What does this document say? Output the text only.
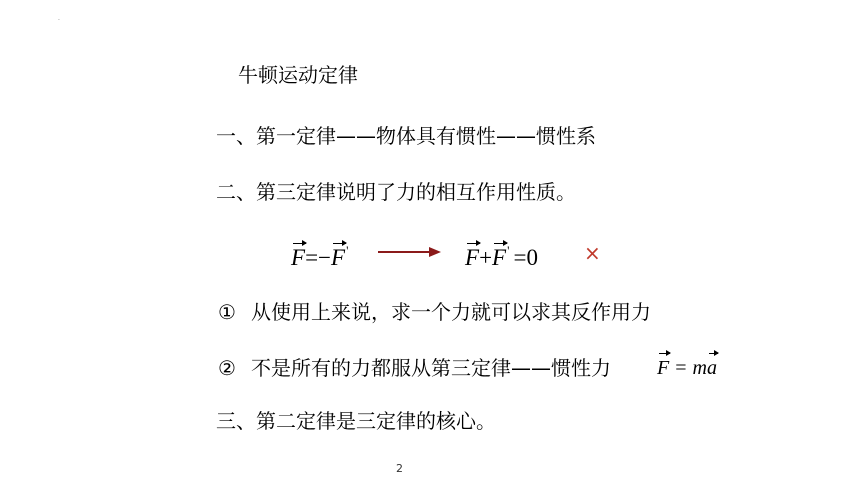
·
牛顿运动定律
一、第一定律——物体具有惯性——惯性系
二、第三定律说明了力的相互作用性质。
F=−F'	F+F' =0 ×
① 从使用上来说，求一个力就可以求其反作用力
② 不是所有的力都服从第三定律——惯性力 F = ma
三、第二定律是三定律的核心。
2
